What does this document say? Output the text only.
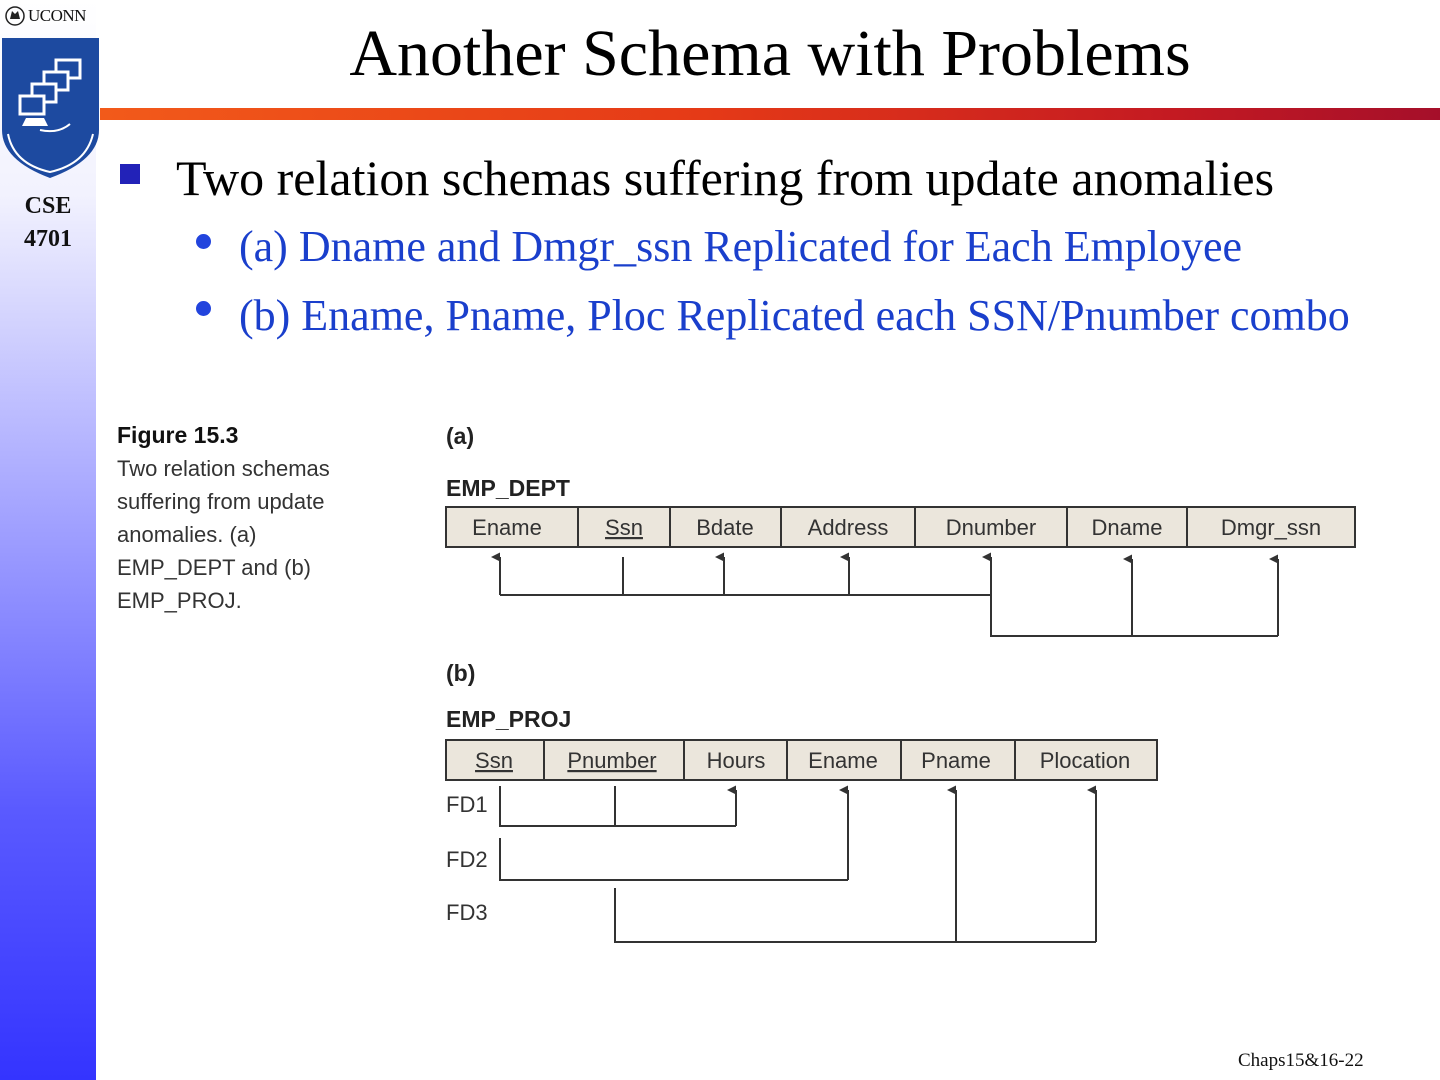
UCONN
CSE
4701
Another Schema with Problems
Two relation schemas suffering from update anomalies
(a) Dname and Dmgr_ssn Replicated for Each Employee
(b) Ename, Pname, Ploc Replicated each SSN/Pnumber combo
Figure 15.3
Two relation schemas
suffering from update
anomalies. (a)
EMP_DEPT and (b)
EMP_PROJ.
(a)
EMP_DEPT
Ename	Ssn Bdate Address	Dnumber	Dname	Dmgr_ssn
(b)
EMP_PROJ
Ssn Pnumber Hours Ename Pname Plocation
FD1
FD2
FD3
Chaps15&16-22
